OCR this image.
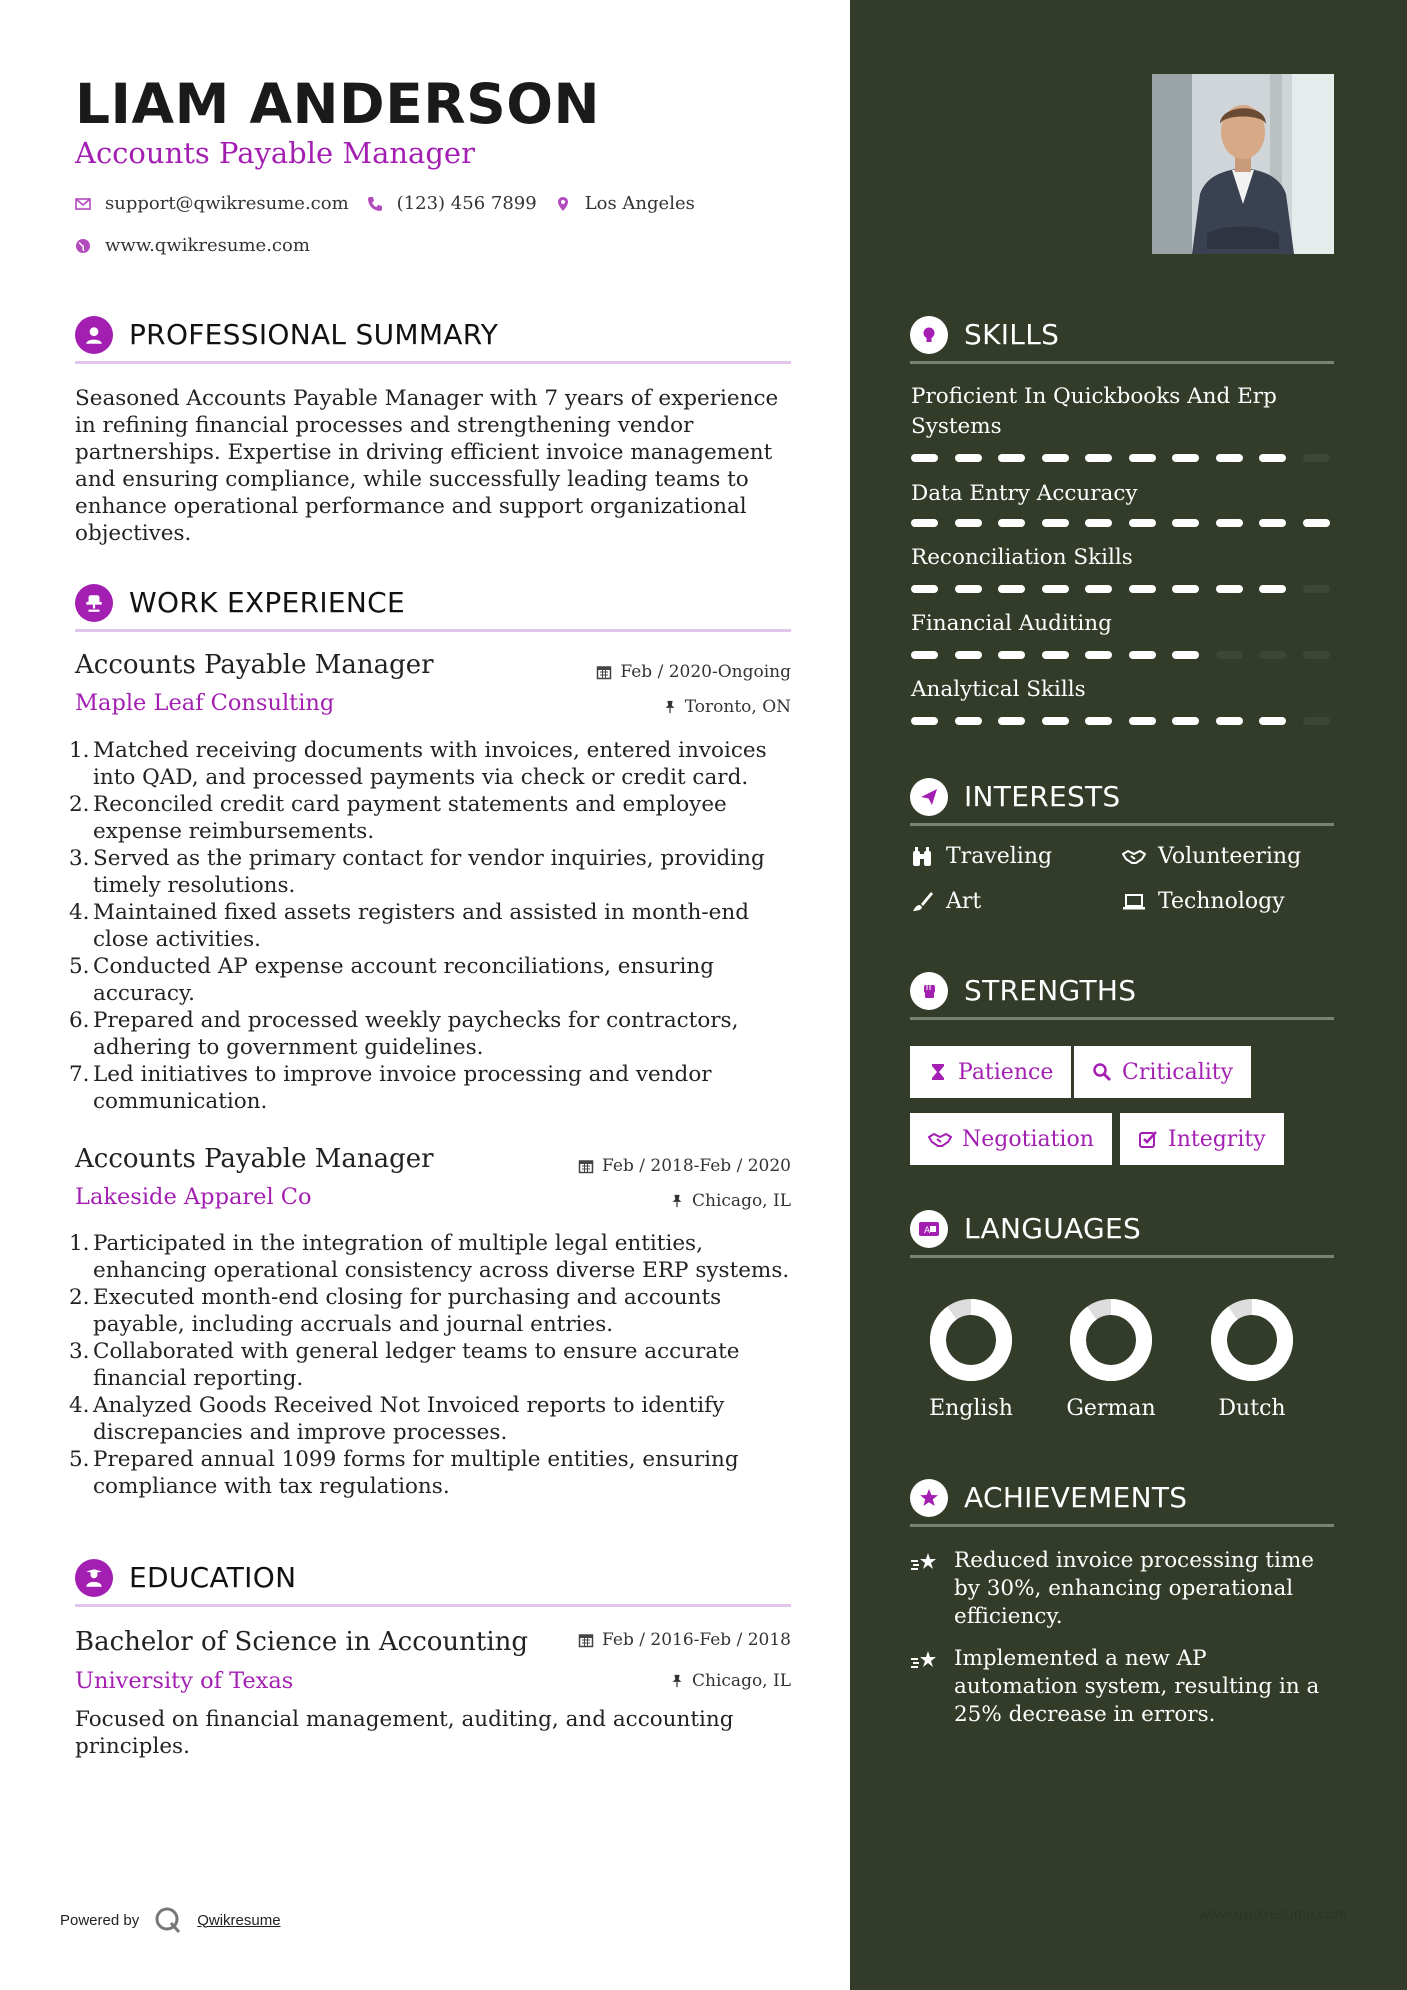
LIAM ANDERSON
Accounts Payable Manager
support@qwikresume.com	(123) 456 7899	Los Angeles
www.qwikresume.com
PROFESSIONAL SUMMARY
Seasoned Accounts Payable Manager with 7 years of experience in refining financial processes and strengthening vendor partnerships. Expertise in driving efficient invoice management and ensuring compliance, while successfully leading teams to enhance operational performance and support organizational objectives.
WORK EXPERIENCE
Accounts Payable Manager	Feb / 2020-Ongoing
Maple Leaf Consulting	Toronto, ON
1. Matched receiving documents with invoices, entered invoices into QAD, and processed payments via check or credit card.
2. Reconciled credit card payment statements and employee expense reimbursements.
3. Served as the primary contact for vendor inquiries, providing timely resolutions.
4. Maintained fixed assets registers and assisted in month-end close activities.
5. Conducted AP expense account reconciliations, ensuring accuracy.
6. Prepared and processed weekly paychecks for contractors, adhering to government guidelines.
7. Led initiatives to improve invoice processing and vendor communication.
Accounts Payable Manager	Feb / 2018-Feb / 2020
Lakeside Apparel Co	Chicago, IL
1. Participated in the integration of multiple legal entities, enhancing operational consistency across diverse ERP systems.
2. Executed month-end closing for purchasing and accounts payable, including accruals and journal entries.
3. Collaborated with general ledger teams to ensure accurate financial reporting.
4. Analyzed Goods Received Not Invoiced reports to identify discrepancies and improve processes.
5. Prepared annual 1099 forms for multiple entities, ensuring compliance with tax regulations.
EDUCATION
Bachelor of Science in Accounting	Feb / 2016-Feb / 2018
University of Texas	Chicago, IL
Focused on financial management, auditing, and accounting principles.
Powered by	Qwikresume
SKILLS
Proficient In Quickbooks And Erp Systems
Data Entry Accuracy
Reconciliation Skills
Financial Auditing
Analytical Skills
INTERESTS
Traveling	Volunteering
Art	Technology
STRENGTHS
Patience	Criticality
Negotiation	Integrity
A LANGUAGES
English	German	Dutch
ACHIEVEMENTS
Reduced invoice processing time by 30%, enhancing operational efficiency.
Implemented a new AP automation system, resulting in a 25% decrease in errors.
www.qwikresume.com
